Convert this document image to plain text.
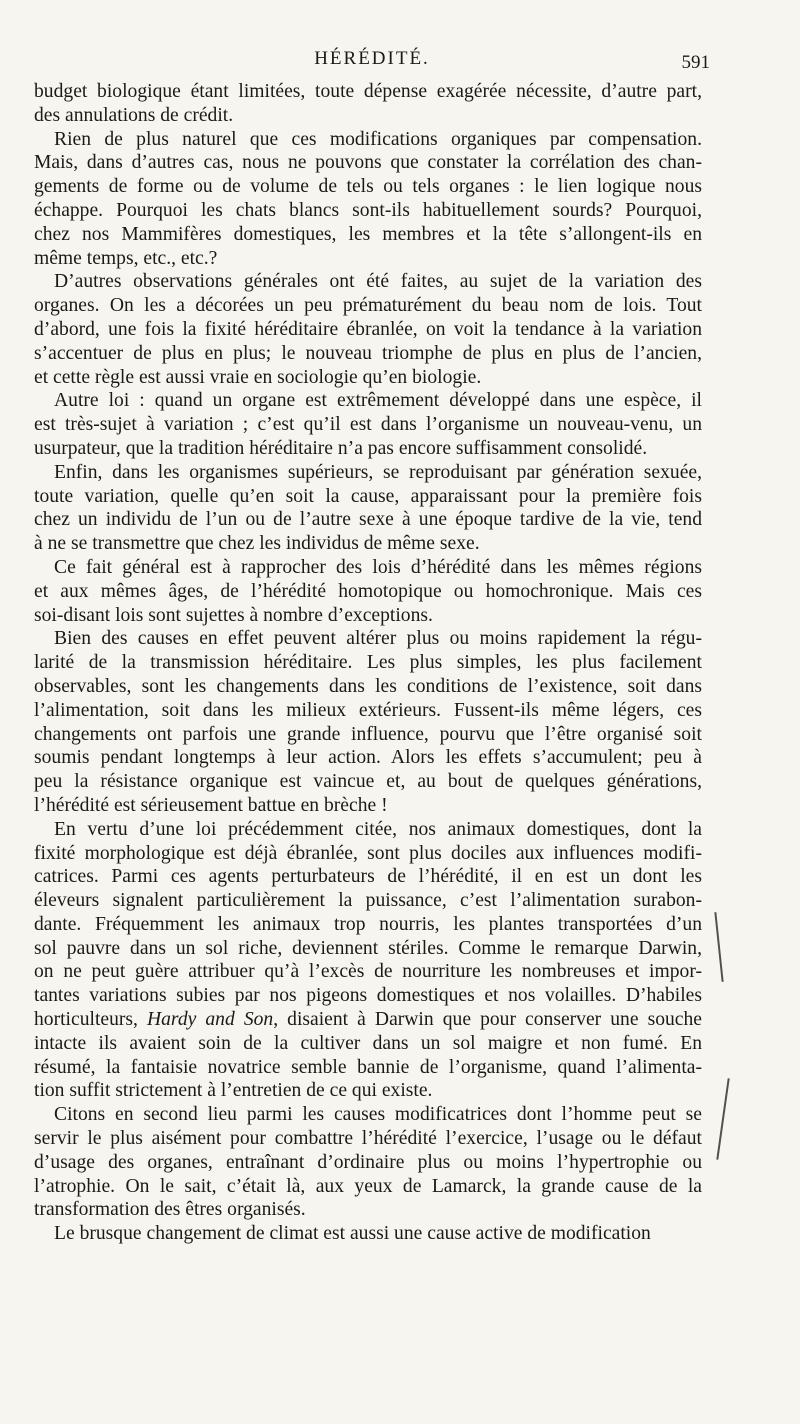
HÉRÉDITÉ.	591
budget biologique étant limitées, toute dépense exagérée nécessite, d’autre part,
des annulations de crédit.
Rien de plus naturel que ces modifications organiques par compensation.
Mais, dans d’autres cas, nous ne pouvons que constater la corrélation des chan-
gements de forme ou de volume de tels ou tels organes : le lien logique nous
échappe. Pourquoi les chats blancs sont-ils habituellement sourds? Pourquoi,
chez nos Mammifères domestiques, les membres et la tête s’allongent-ils en
même temps, etc., etc.?
D’autres observations générales ont été faites, au sujet de la variation des
organes. On les a décorées un peu prématurément du beau nom de lois. Tout
d’abord, une fois la fixité héréditaire ébranlée, on voit la tendance à la variation
s’accentuer de plus en plus; le nouveau triomphe de plus en plus de l’ancien,
et cette règle est aussi vraie en sociologie qu’en biologie.
Autre loi : quand un organe est extrêmement développé dans une espèce, il
est très-sujet à variation ; c’est qu’il est dans l’organisme un nouveau-venu, un
usurpateur, que la tradition héréditaire n’a pas encore suffisamment consolidé.
Enfin, dans les organismes supérieurs, se reproduisant par génération sexuée,
toute variation, quelle qu’en soit la cause, apparaissant pour la première fois
chez un individu de l’un ou de l’autre sexe à une époque tardive de la vie, tend
à ne se transmettre que chez les individus de même sexe.
Ce fait général est à rapprocher des lois d’hérédité dans les mêmes régions
et aux mêmes âges, de l’hérédité homotopique ou homochronique. Mais ces
soi-disant lois sont sujettes à nombre d’exceptions.
Bien des causes en effet peuvent altérer plus ou moins rapidement la régu-
larité de la transmission héréditaire. Les plus simples, les plus facilement
observables, sont les changements dans les conditions de l’existence, soit dans
l’alimentation, soit dans les milieux extérieurs. Fussent-ils même légers, ces
changements ont parfois une grande influence, pourvu que l’être organisé soit
soumis pendant longtemps à leur action. Alors les effets s’accumulent; peu à
peu la résistance organique est vaincue et, au bout de quelques générations,
l’hérédité est sérieusement battue en brèche !
En vertu d’une loi précédemment citée, nos animaux domestiques, dont la
fixité morphologique est déjà ébranlée, sont plus dociles aux influences modifi-
catrices. Parmi ces agents perturbateurs de l’hérédité, il en est un dont les
éleveurs signalent particulièrement la puissance, c’est l’alimentation surabon-
dante. Fréquemment les animaux trop nourris, les plantes transportées d’un
sol pauvre dans un sol riche, deviennent stériles. Comme le remarque Darwin,
on ne peut guère attribuer qu’à l’excès de nourriture les nombreuses et impor-
tantes variations subies par nos pigeons domestiques et nos volailles. D’habiles
horticulteurs, Hardy and Son, disaient à Darwin que pour conserver une souche
intacte ils avaient soin de la cultiver dans un sol maigre et non fumé. En
résumé, la fantaisie novatrice semble bannie de l’organisme, quand l’alimenta-
tion suffit strictement à l’entretien de ce qui existe.
Citons en second lieu parmi les causes modificatrices dont l’homme peut se
servir le plus aisément pour combattre l’hérédité l’exercice, l’usage ou le défaut
d’usage des organes, entraînant d’ordinaire plus ou moins l’hypertrophie ou
l’atrophie. On le sait, c’était là, aux yeux de Lamarck, la grande cause de la
transformation des êtres organisés.
Le brusque changement de climat est aussi une cause active de modification
